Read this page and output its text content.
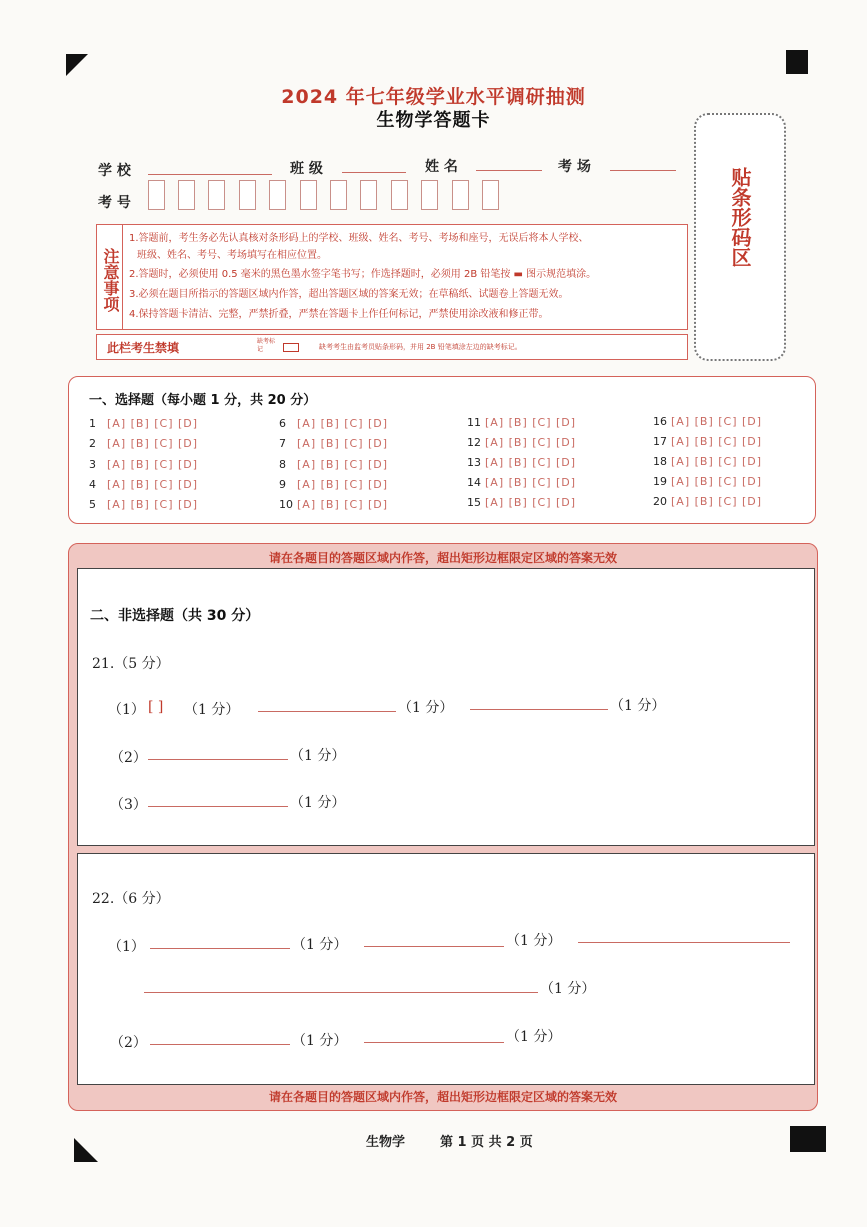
2024 年七年级学业水平调研抽测
生物学答题卡
学 校	班 级	姓 名	考 场
考 号	贴条形码区
注意事项
1.答题前，考生务必先认真核对条形码上的学校、班级、姓名、考号、考场和座号，无误后将本人学校、
班级、姓名、考号、考场填写在相应位置。
2.答题时，必须使用 0.5 毫米的黑色墨水签字笔书写；作选择题时，必须用 2B 铅笔按 ▬ 图示规范填涂。
3.必须在题目所指示的答题区域内作答，超出答题区域的答案无效；在草稿纸、试题卷上答题无效。
4.保持答题卡清洁、完整，严禁折叠，严禁在答题卡上作任何标记，严禁使用涂改液和修正带。
此栏考生禁填	缺考标记	缺考考生由监考员贴条形码，并用 2B 铅笔填涂左边的缺考标记。
一、选择题（每小题 1 分，共 20 分）
1 [A] [B] [C] [D]
2 [A] [B] [C] [D]
3 [A] [B] [C] [D]
4 [A] [B] [C] [D]
5 [A] [B] [C] [D]
6 [A] [B] [C] [D]
7 [A] [B] [C] [D]
8 [A] [B] [C] [D]
9 [A] [B] [C] [D]
10 [A] [B] [C] [D]
11 [A] [B] [C] [D]
12 [A] [B] [C] [D]
13 [A] [B] [C] [D]
14 [A] [B] [C] [D]
15 [A] [B] [C] [D]
16 [A] [B] [C] [D]
17 [A] [B] [C] [D]
18 [A] [B] [C] [D]
19 [A] [B] [C] [D]
20 [A] [B] [C] [D]
请在各题目的答题区域内作答，超出矩形边框限定区域的答案无效
请在各题目的答题区域内作答，超出矩形边框限定区域的答案无效
二、非选择题（共 30 分）
21.（5 分）
（1） [ ] （1 分）	（1 分）	（1 分）
（2）	（1 分）
（3）	（1 分）
22.（6 分）
（1）	（1 分）	（1 分）
（1 分）
（2）	（1 分）	（1 分）
生物学	第 1 页 共 2 页
